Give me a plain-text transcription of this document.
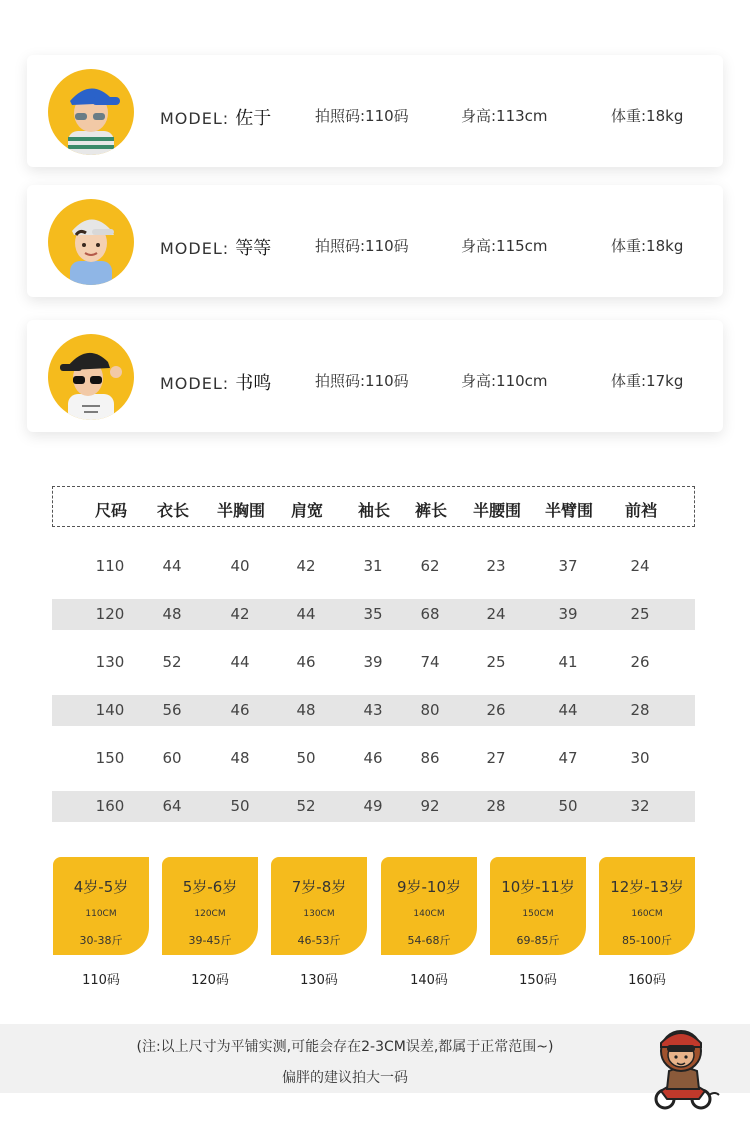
MODEL: 佐于	拍照码:110码	身高:113cm	体重:18kg
MODEL: 等等	拍照码:110码	身高:115cm	体重:18kg
MODEL: 书鸣	拍照码:110码	身高:110cm	体重:17kg
尺码 衣长 半胸围 肩宽 袖长 裤长 半腰围 半臂围 前裆
110	44	40	42	31	62	23	37	24
120	48	42	44	35	68	24	39	25
130	52	44	46	39	74	25	41	26
140	56	46	48	43	80	26	44	28
150	60	48	50	46	86	27	47	30
160	64	50	52	49	92	28	50	32
4岁-5岁
110CM
30-38斤
110码
5岁-6岁
120CM
39-45斤
120码
7岁-8岁
130CM
46-53斤
130码
9岁-10岁
140CM
54-68斤
140码
10岁-11岁
150CM
69-85斤
150码
12岁-13岁
160CM
85-100斤
160码
(注:以上尺寸为平铺实测,可能会存在2-3CM误差,都属于正常范围~)
偏胖的建议拍大一码
